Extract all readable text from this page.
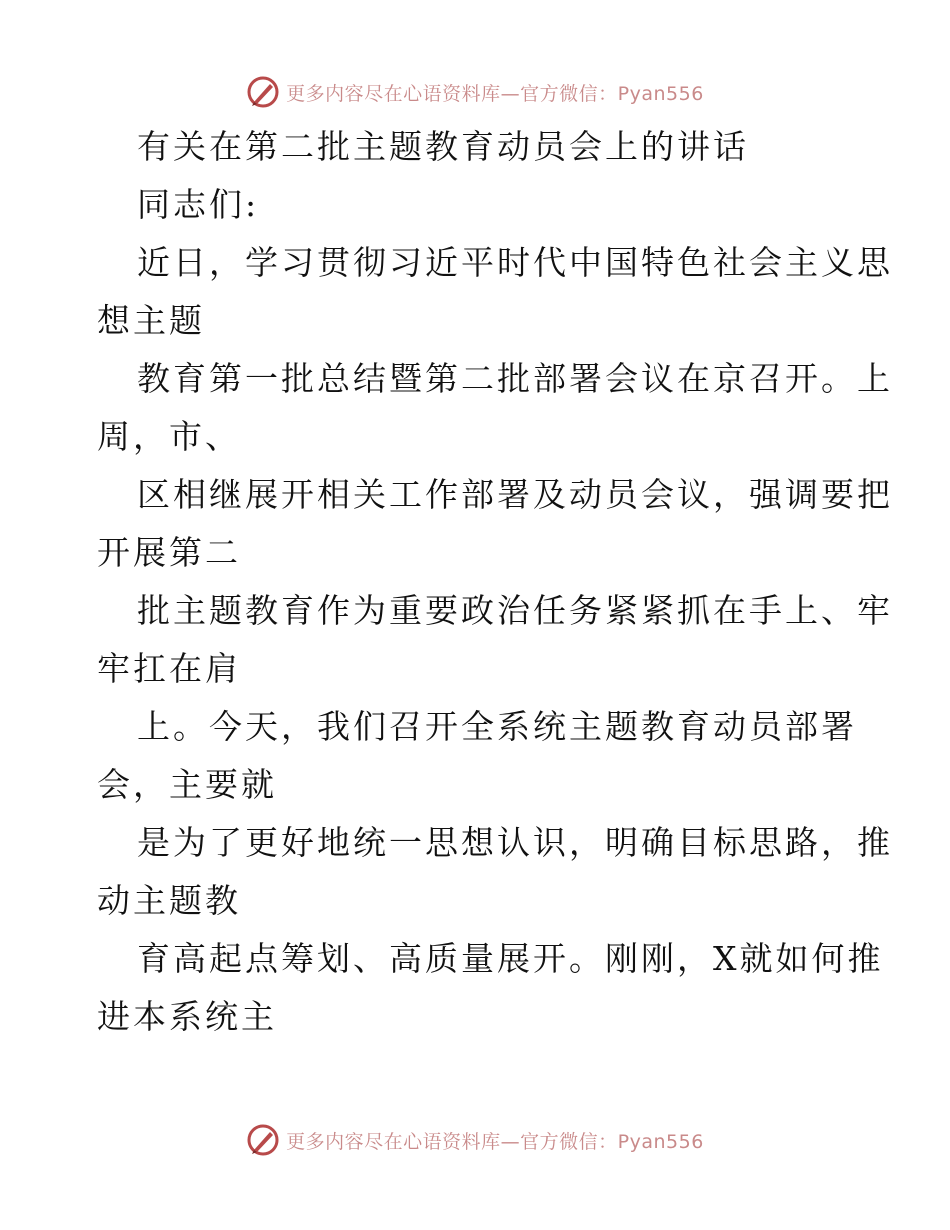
更多内容尽在心语资料库—官方微信：Pyan556
有关在第二批主题教育动员会上的讲话
同志们:
近日，学习贯彻习近平时代中国特色社会主义思
想主题
教育第一批总结暨第二批部署会议在京召开。上
周，市、
区相继展开相关工作部署及动员会议，强调要把
开展第二
批主题教育作为重要政治任务紧紧抓在手上、牢
牢扛在肩
上。今天，我们召开全系统主题教育动员部署
会，主要就
是为了更好地统一思想认识，明确目标思路，推
动主题教
育高起点筹划、高质量展开。刚刚，X就如何推
进本系统主
更多内容尽在心语资料库—官方微信：Pyan556
